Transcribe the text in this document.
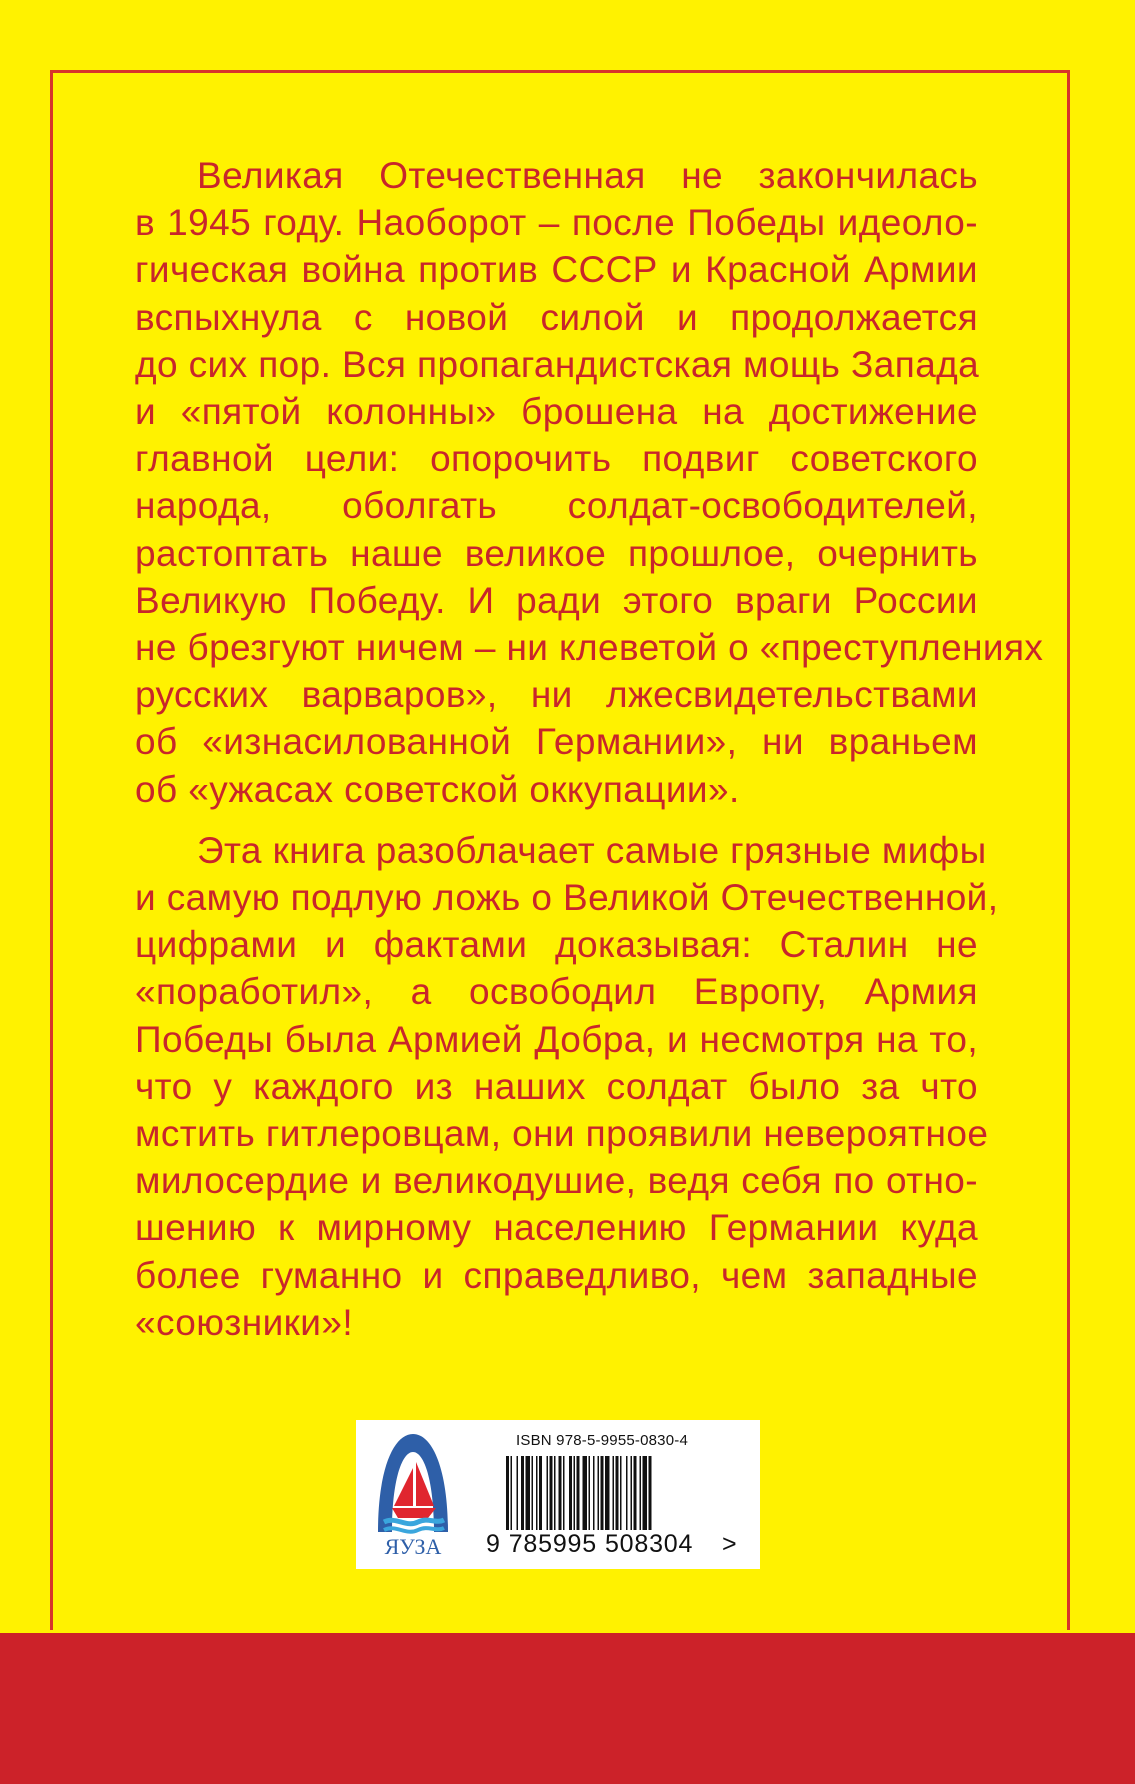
Великая Отечественная не закончилась
в 1945 году. Наоборот – после Победы идеоло-
гическая война против СССР и Красной Армии
вспыхнула с новой силой и продолжается
до сих пор. Вся пропагандистская мощь Запада
и «пятой колонны» брошена на достижение
главной цели: опорочить подвиг советского
народа, оболгать солдат-освободителей,
растоптать наше великое прошлое, очернить
Великую Победу. И ради этого враги России
не брезгуют ничем – ни клеветой о «преступлениях
русских варваров», ни лжесвидетельствами
об «изнасилованной Германии», ни враньем
об «ужасах советской оккупации».

Эта книга разоблачает самые грязные мифы
и самую подлую ложь о Великой Отечественной,
цифрами и фактами доказывая: Сталин не
«поработил», а освободил Европу, Армия
Победы была Армией Добра, и несмотря на то,
что у каждого из наших солдат было за что
мстить гитлеровцам, они проявили невероятное
милосердие и великодушие, ведя себя по отно-
шению к мирному населению Германии куда
более гуманно и справедливо, чем западные
«союзники»!

ЯУЗА
ISBN 978-5-9955-0830-4
9 785995 508304 >
